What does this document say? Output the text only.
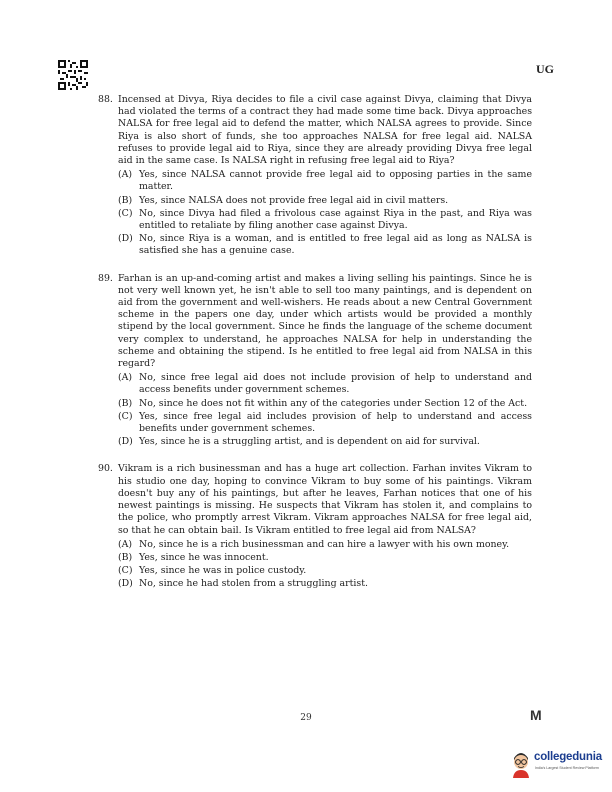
UG
88. Incensed at Divya, Riya decides to file a civil case against Divya, claiming that Divya had violated the terms of a contract they had made some time back. Divya approaches NALSA for free legal aid to defend the matter, which NALSA agrees to provide. Since Riya is also short of funds, she too approaches NALSA for free legal aid. NALSA refuses to provide legal aid to Riya, since they are already providing Divya free legal aid in the same case. Is NALSA right in refusing free legal aid to Riya?
(A) Yes, since NALSA cannot provide free legal aid to opposing parties in the same matter.
(B) Yes, since NALSA does not provide free legal aid in civil matters.
(C) No, since Divya had filed a frivolous case against Riya in the past, and Riya was entitled to retaliate by filing another case against Divya.
(D) No, since Riya is a woman, and is entitled to free legal aid as long as NALSA is satisfied she has a genuine case.
89. Farhan is an up-and-coming artist and makes a living selling his paintings. Since he is not very well known yet, he isn't able to sell too many paintings, and is dependent on aid from the government and well-wishers. He reads about a new Central Government scheme in the papers one day, under which artists would be provided a monthly stipend by the local government. Since he finds the language of the scheme document very complex to understand, he approaches NALSA for help in understanding the scheme and obtaining the stipend. Is he entitled to free legal aid from NALSA in this regard?
(A) No, since free legal aid does not include provision of help to understand and access benefits under government schemes.
(B) No, since he does not fit within any of the categories under Section 12 of the Act.
(C) Yes, since free legal aid includes provision of help to understand and access benefits under government schemes.
(D) Yes, since he is a struggling artist, and is dependent on aid for survival.
90. Vikram is a rich businessman and has a huge art collection. Farhan invites Vikram to his studio one day, hoping to convince Vikram to buy some of his paintings. Vikram doesn't buy any of his paintings, but after he leaves, Farhan notices that one of his newest paintings is missing. He suspects that Vikram has stolen it, and complains to the police, who promptly arrest Vikram. Vikram approaches NALSA for free legal aid, so that he can obtain bail. Is Vikram entitled to free legal aid from NALSA?
(A) No, since he is a rich businessman and can hire a lawyer with his own money.
(B) Yes, since he was innocent.
(C) Yes, since he was in police custody.
(D) No, since he had stolen from a struggling artist.
29	M
collegedunia
India's Largest Student Review Platform
